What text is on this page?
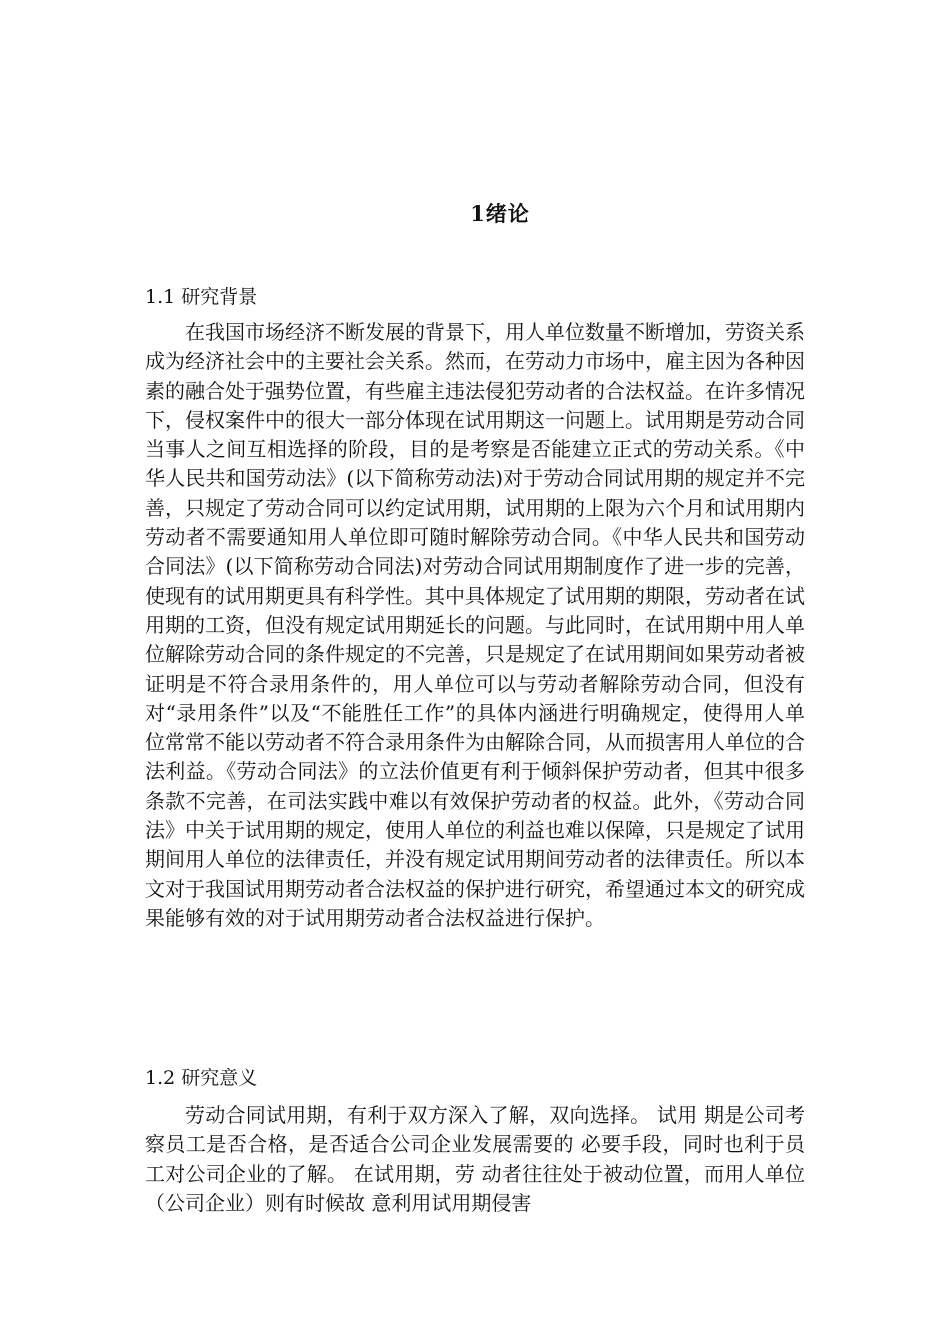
1绪论
1.1 研究背景

在我国市场经济不断发展的背景下，用人单位数量不断增加，劳资关系成为经济社会中的主要社会关系。然而，在劳动力市场中，雇主因为各种因素的融合处于强势位置，有些雇主违法侵犯劳动者的合法权益。在许多情况下，侵权案件中的很大一部分体现在试用期这一问题上。试用期是劳动合同当事人之间互相选择的阶段，目的是考察是否能建立正式的劳动关系。《中华人民共和国劳动法》(以下简称劳动法)对于劳动合同试用期的规定并不完善，只规定了劳动合同可以约定试用期，试用期的上限为六个月和试用期内劳动者不需要通知用人单位即可随时解除劳动合同。《中华人民共和国劳动合同法》(以下简称劳动合同法)对劳动合同试用期制度作了进一步的完善，使现有的试用期更具有科学性。其中具体规定了试用期的期限，劳动者在试用期的工资，但没有规定试用期延长的问题。与此同时，在试用期中用人单位解除劳动合同的条件规定的不完善，只是规定了在试用期间如果劳动者被证明是不符合录用条件的，用人单位可以与劳动者解除劳动合同，但没有对“录用条件”以及“不能胜任工作”的具体内涵进行明确规定，使得用人单位常常不能以劳动者不符合录用条件为由解除合同，从而损害用人单位的合法利益。《劳动合同法》的立法价值更有利于倾斜保护劳动者，但其中很多条款不完善，在司法实践中难以有效保护劳动者的权益。此外，《劳动合同法》中关于试用期的规定，使用人单位的利益也难以保障，只是规定了试用期间用人单位的法律责任，并没有规定试用期间劳动者的法律责任。所以本文对于我国试用期劳动者合法权益的保护进行研究，希望通过本文的研究成果能够有效的对于试用期劳动者合法权益进行保护。

1.2 研究意义

劳动合同试用期，有利于双方深入了解，双向选择。 试用 期是公司考察员工是否合格，是否适合公司企业发展需要的 必要手段，同时也利于员工对公司企业的了解。 在试用期，劳 动者往往处于被动位置，而用人单位（公司企业）则有时候故 意利用试用期侵害
